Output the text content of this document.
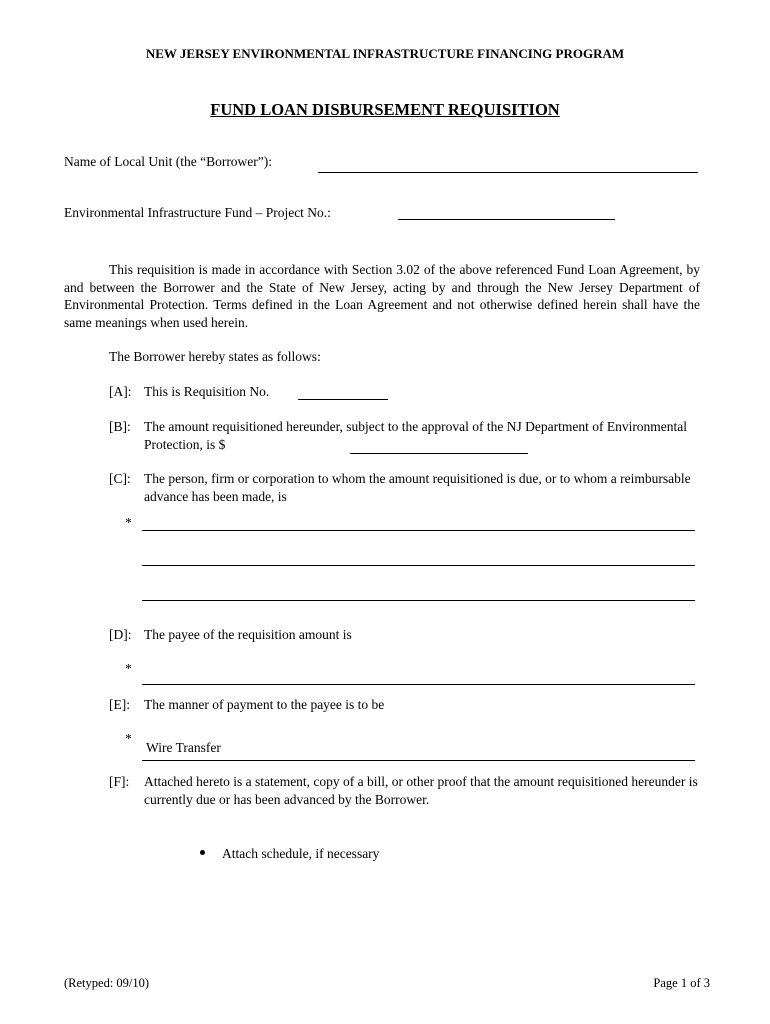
NEW JERSEY ENVIRONMENTAL INFRASTRUCTURE FINANCING PROGRAM
FUND LOAN DISBURSEMENT REQUISITION
Name of Local Unit (the “Borrower”):
Environmental Infrastructure Fund – Project No.:
This requisition is made in accordance with Section 3.02 of the above referenced Fund Loan Agreement, by and between the Borrower and the State of New Jersey, acting by and through the New Jersey Department of Environmental Protection. Terms defined in the Loan Agreement and not otherwise defined herein shall have the same meanings when used herein.
The Borrower hereby states as follows:
[A]: This is Requisition No.
[B]: The amount requisitioned hereunder, subject to the approval of the NJ Department of Environmental Protection, is $
[C]: The person, firm or corporation to whom the amount requisitioned is due, or to whom a reimbursable advance has been made, is
*
[D]: The payee of the requisition amount is
*
[E]: The manner of payment to the payee is to be
*
Wire Transfer
[F]: Attached hereto is a statement, copy of a bill, or other proof that the amount requisitioned hereunder is currently due or has been advanced by the Borrower.
Attach schedule, if necessary
(Retyped: 09/10)	Page 1 of 3
